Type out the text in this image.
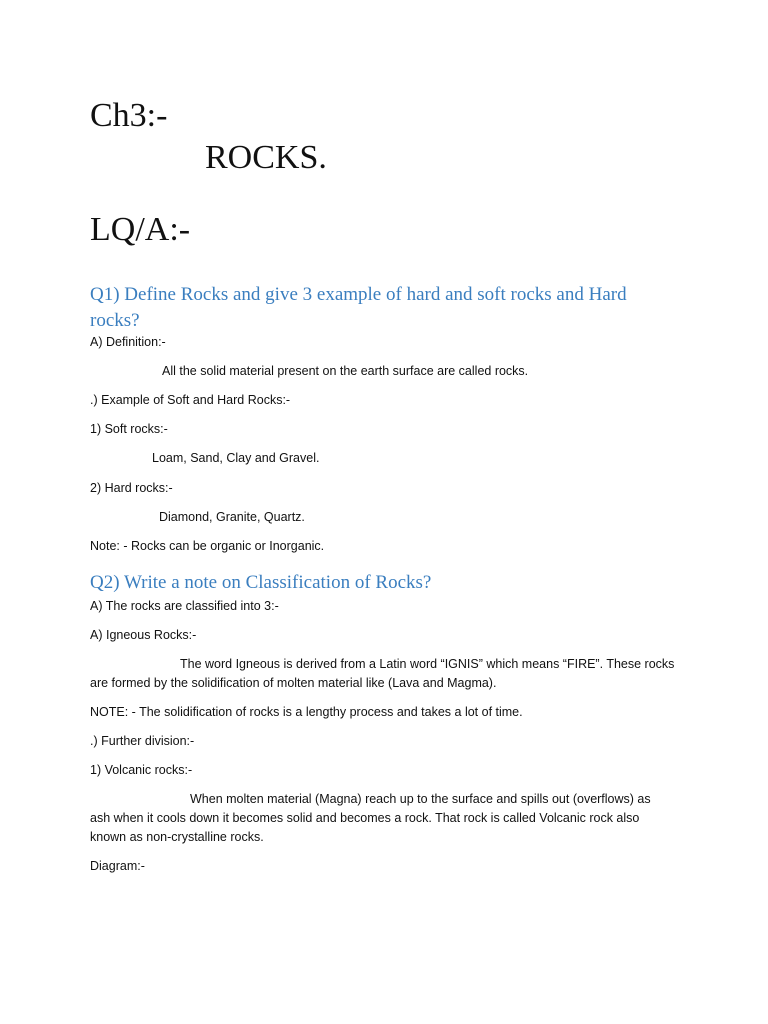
Ch3:-
ROCKS.
LQ/A:-
Q1) Define Rocks and give 3 example of hard and soft rocks and Hard
rocks?
A) Definition:-
All the solid material present on the earth surface are called rocks.
.) Example of Soft and Hard Rocks:-
1) Soft rocks:-
Loam, Sand, Clay and Gravel.
2) Hard rocks:-
Diamond, Granite, Quartz.
Note: - Rocks can be organic or Inorganic.
Q2) Write a note on Classification of Rocks?
A) The rocks are classified into 3:-
A) Igneous Rocks:-
The word Igneous is derived from a Latin word “IGNIS” which means “FIRE”. These rocks
are formed by the solidification of molten material like (Lava and Magma).
NOTE: - The solidification of rocks is a lengthy process and takes a lot of time.
.) Further division:-
1) Volcanic rocks:-
When molten material (Magna) reach up to the surface and spills out (overflows) as
ash when it cools down it becomes solid and becomes a rock. That rock is called Volcanic rock also
known as non-crystalline rocks.
Diagram:-
